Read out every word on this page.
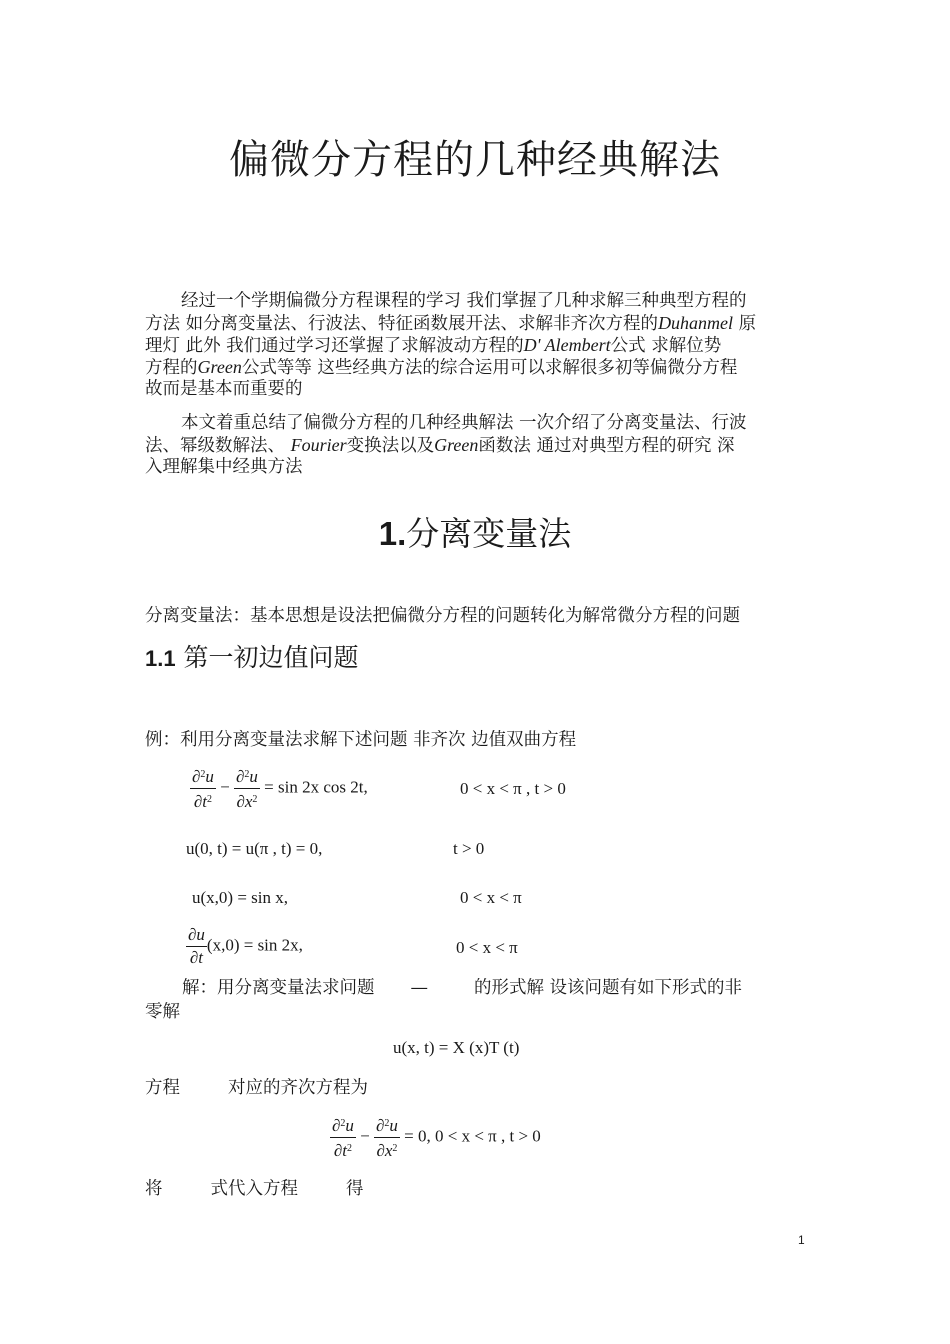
偏微分方程的几种经典解法
经过一个学期偏微分方程课程的学习 我们掌握了几种求解三种典型方程的
方法 如分离变量法、行波法、特征函数展开法、求解非齐次方程的Duhanmel 原
理灯 此外 我们通过学习还掌握了求解波动方程的D' Alembert公式 求解位势
方程的Green公式等等 这些经典方法的综合运用可以求解很多初等偏微分方程
故而是基本而重要的
本文着重总结了偏微分方程的几种经典解法 一次介绍了分离变量法、行波
法、幂级数解法、 Fourier变换法以及Green函数法 通过对典型方程的研究 深
入理解集中经典方法
1.分离变量法
分离变量法：基本思想是设法把偏微分方程的问题转化为解常微分方程的问题
1.1 第一初边值问题
例：利用分离变量法求解下述问题 非齐次 边值双曲方程
$\frac{\partial^2u}{\partial t^2} - \frac{\partial^2u}{\partial x^2} = \sin 2x$ cos 2t,	0 < x < π , t > 0
u(0, t) = u(π , t) = 0,	t > 0
u(x,0) = sin x,	0 < x < π
$\frac{\partial u}{\partial t} (x,0) = \sin 2x$,	0 < x < π
解：用分离变量法求问题 —	的形式解 设该问题有如下形式的非
零解
u(x, t) = X (x)T (t)
方程	对应的齐次方程为
$\frac{\partial^2u}{\partial t^2} - \frac{\partial^2u}{\partial x^2} = 0$, 0 < x < π , t > 0
将	式代入方程	得
1
